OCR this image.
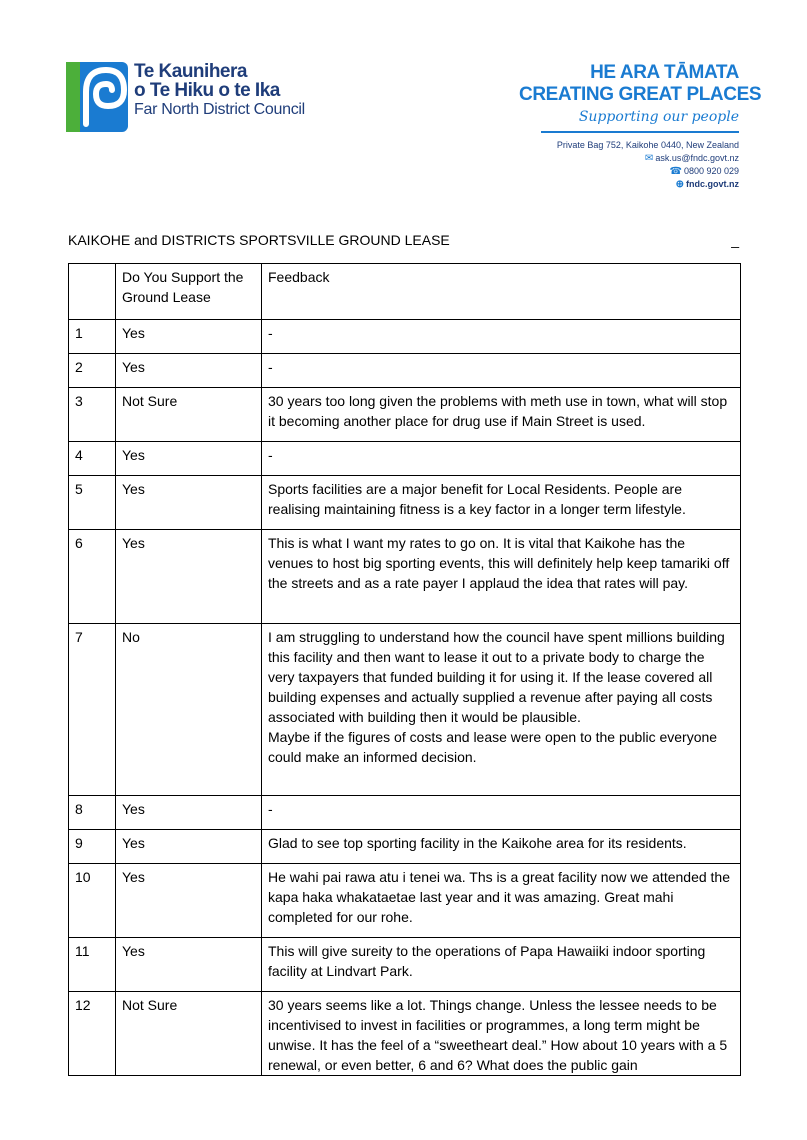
Te Kaunihera
o Te Hiku o te Ika
Far North District Council
HE ARA TĀMATA
CREATING GREAT PLACES
Supporting our people
Private Bag 752, Kaikohe 0440, New Zealand
✉ ask.us@fndc.govt.nz
☎ 0800 920 029
⊕ fndc.govt.nz
KAIKOHE and DISTRICTS SPORTSVILLE GROUND LEASE	_
	Do You Support the Ground Lease	Feedback
1	Yes	-
2	Yes	-
3	Not Sure	30 years too long given the problems with meth use in town, what will stop it becoming another place for drug use if Main Street is used.
4	Yes	-
5	Yes	Sports facilities are a major benefit for Local Residents. People are realising maintaining fitness is a key factor in a longer term lifestyle.
6	Yes	This is what I want my rates to go on. It is vital that Kaikohe has the venues to host big sporting events, this will definitely help keep tamariki off the streets and as a rate payer I applaud the idea that rates will pay.
7	No	I am struggling to understand how the council have spent millions building this facility and then want to lease it out to a private body to charge the very taxpayers that funded building it for using it. If the lease covered all building expenses and actually supplied a revenue after paying all costs associated with building then it would be plausible.
Maybe if the figures of costs and lease were open to the public everyone could make an informed decision.
8	Yes	-
9	Yes	Glad to see top sporting facility in the Kaikohe area for its residents.
10	Yes	He wahi pai rawa atu i tenei wa. Ths is a great facility now we attended the kapa haka whakataetae last year and it was amazing. Great mahi completed for our rohe.
11	Yes	This will give sureity to the operations of Papa Hawaiiki indoor sporting facility at Lindvart Park.
12	Not Sure	30 years seems like a lot. Things change. Unless the lessee needs to be incentivised to invest in facilities or programmes, a long term might be unwise. It has the feel of a “sweetheart deal.” How about 10 years with a 5 renewal, or even better, 6 and 6? What does the public gain
